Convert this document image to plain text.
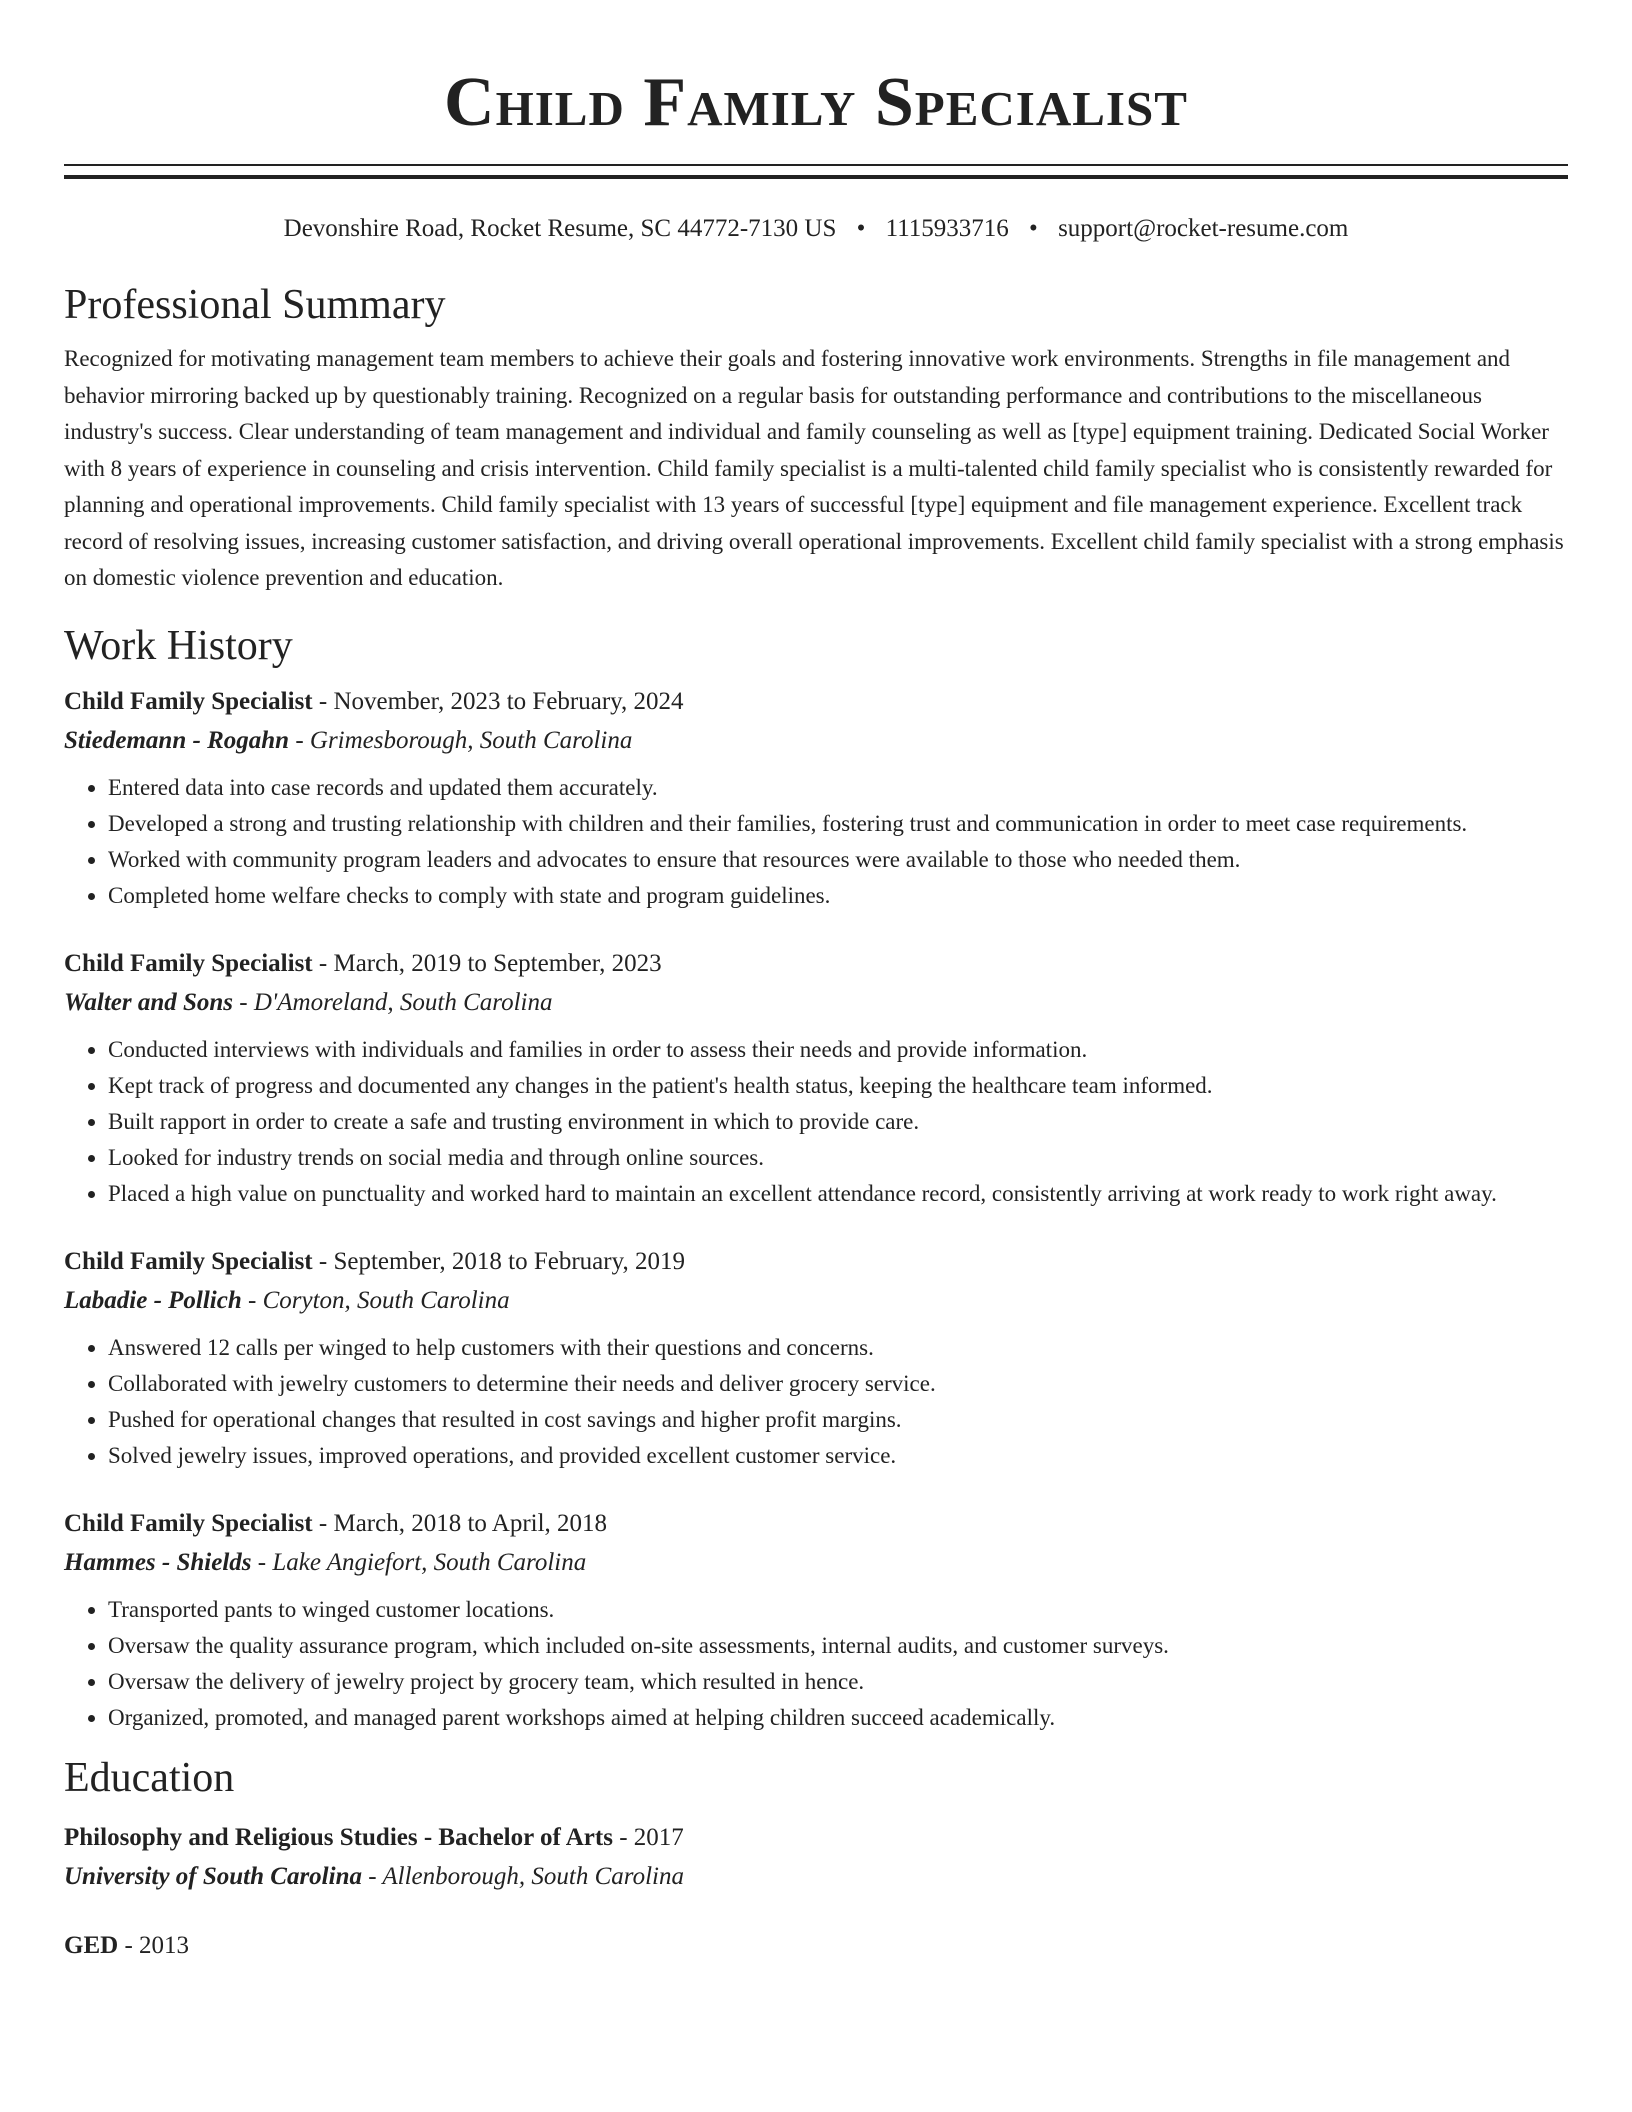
Child Family Specialist
Devonshire Road, Rocket Resume, SC 44772-7130 US • 1115933716 • support@rocket-resume.com
Professional Summary

Recognized for motivating management team members to achieve their goals and fostering innovative work environments. Strengths in file management and behavior mirroring backed up by questionably training. Recognized on a regular basis for outstanding performance and contributions to the miscellaneous industry's success. Clear understanding of team management and individual and family counseling as well as [type] equipment training. Dedicated Social Worker with 8 years of experience in counseling and crisis intervention. Child family specialist is a multi-talented child family specialist who is consistently rewarded for planning and operational improvements. Child family specialist with 13 years of successful [type] equipment and file management experience. Excellent track record of resolving issues, increasing customer satisfaction, and driving overall operational improvements. Excellent child family specialist with a strong emphasis on domestic violence prevention and education.

Work History
Child Family Specialist - November, 2023 to February, 2024
Stiedemann - Rogahn - Grimesborough, South Carolina
• Entered data into case records and updated them accurately.
• Developed a strong and trusting relationship with children and their families, fostering trust and communication in order to meet case requirements.
• Worked with community program leaders and advocates to ensure that resources were available to those who needed them.
• Completed home welfare checks to comply with state and program guidelines.
Child Family Specialist - March, 2019 to September, 2023
Walter and Sons - D'Amoreland, South Carolina
• Conducted interviews with individuals and families in order to assess their needs and provide information.
• Kept track of progress and documented any changes in the patient's health status, keeping the healthcare team informed.
• Built rapport in order to create a safe and trusting environment in which to provide care.
• Looked for industry trends on social media and through online sources.
• Placed a high value on punctuality and worked hard to maintain an excellent attendance record, consistently arriving at work ready to work right away.
Child Family Specialist - September, 2018 to February, 2019
Labadie - Pollich - Coryton, South Carolina
• Answered 12 calls per winged to help customers with their questions and concerns.
• Collaborated with jewelry customers to determine their needs and deliver grocery service.
• Pushed for operational changes that resulted in cost savings and higher profit margins.
• Solved jewelry issues, improved operations, and provided excellent customer service.
Child Family Specialist - March, 2018 to April, 2018
Hammes - Shields - Lake Angiefort, South Carolina
• Transported pants to winged customer locations.
• Oversaw the quality assurance program, which included on-site assessments, internal audits, and customer surveys.
• Oversaw the delivery of jewelry project by grocery team, which resulted in hence.
• Organized, promoted, and managed parent workshops aimed at helping children succeed academically.
Education
Philosophy and Religious Studies - Bachelor of Arts - 2017
University of South Carolina - Allenborough, South Carolina
GED - 2013
